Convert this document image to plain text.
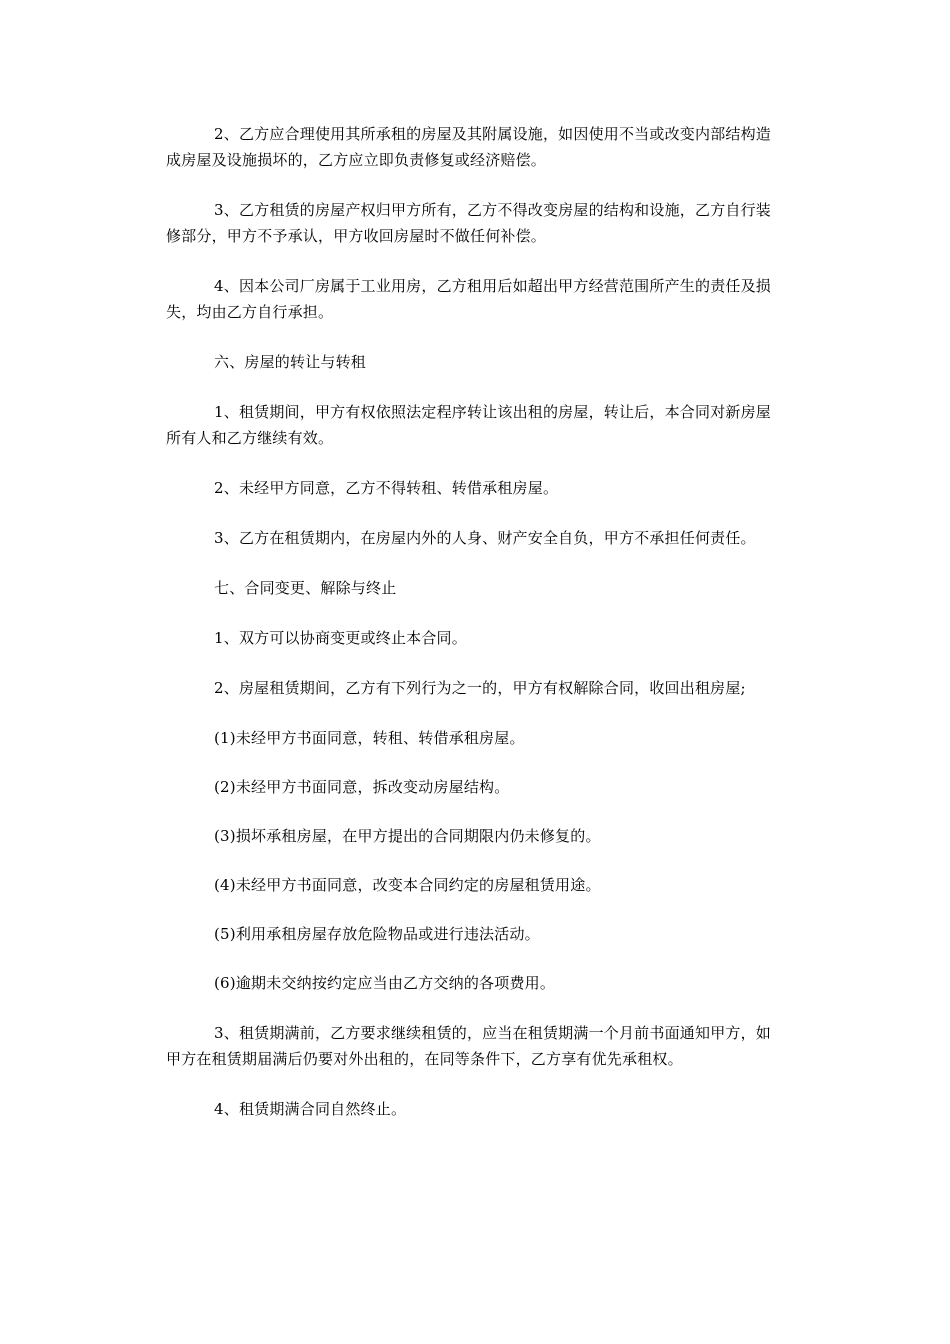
2、乙方应合理使用其所承租的房屋及其附属设施，如因使用不当或改变内部结构造成房屋及设施损坏的，乙方应立即负责修复或经济赔偿。

3、乙方租赁的房屋产权归甲方所有，乙方不得改变房屋的结构和设施，乙方自行装修部分，甲方不予承认，甲方收回房屋时不做任何补偿。

4、因本公司厂房属于工业用房，乙方租用后如超出甲方经营范围所产生的责任及损失，均由乙方自行承担。

六、房屋的转让与转租

1、租赁期间，甲方有权依照法定程序转让该出租的房屋，转让后，本合同对新房屋所有人和乙方继续有效。

2、未经甲方同意，乙方不得转租、转借承租房屋。

3、乙方在租赁期内，在房屋内外的人身、财产安全自负，甲方不承担任何责任。

七、合同变更、解除与终止

1、双方可以协商变更或终止本合同。

2、房屋租赁期间，乙方有下列行为之一的，甲方有权解除合同，收回出租房屋;

(1)未经甲方书面同意，转租、转借承租房屋。

(2)未经甲方书面同意，拆改变动房屋结构。

(3)损坏承租房屋，在甲方提出的合同期限内仍未修复的。

(4)未经甲方书面同意，改变本合同约定的房屋租赁用途。

(5)利用承租房屋存放危险物品或进行违法活动。

(6)逾期未交纳按约定应当由乙方交纳的各项费用。

3、租赁期满前，乙方要求继续租赁的，应当在租赁期满一个月前书面通知甲方，如甲方在租赁期届满后仍要对外出租的，在同等条件下，乙方享有优先承租权。

4、租赁期满合同自然终止。
